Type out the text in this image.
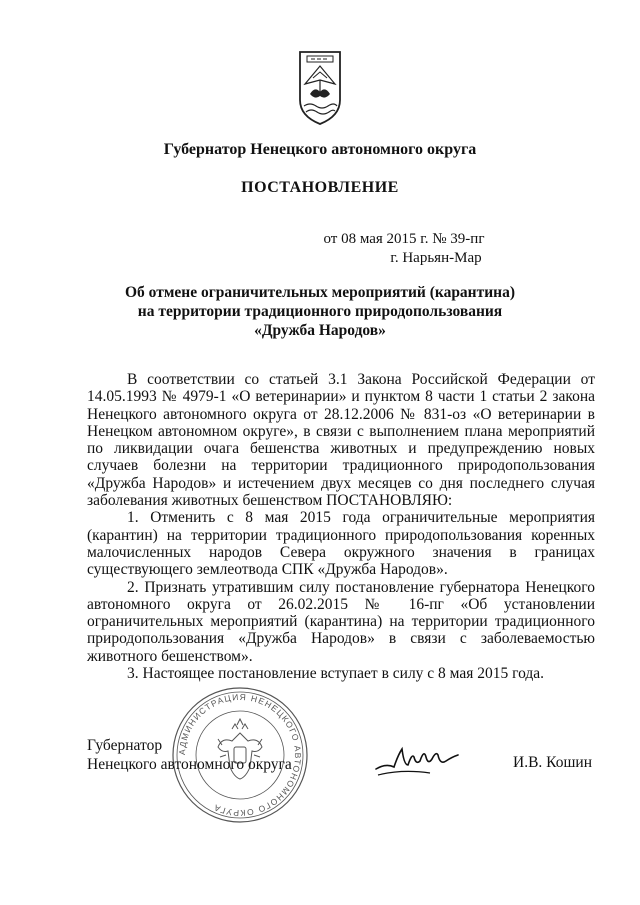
Губернатор Ненецкого автономного округа
ПОСТАНОВЛЕНИЕ
от 08 мая 2015 г. № 39-пг
г. Нарьян-Мар
Об отмене ограничительных мероприятий (карантина)
на территории традиционного природопользования
«Дружба Народов»

В соответствии со статьей 3.1 Закона Российской Федерации от 14.05.1993 № 4979-1 «О ветеринарии» и пунктом 8 части 1 статьи 2 закона Ненецкого автономного округа от 28.12.2006 № 831-оз «О ветеринарии в Ненецком автономном округе», в связи с выполнением плана мероприятий по ликвидации очага бешенства животных и предупреждению новых случаев болезни на территории традиционного природопользования «Дружба Народов» и истечением двух месяцев со дня последнего случая заболевания животных бешенством ПОСТАНОВЛЯЮ:

1. Отменить с 8 мая 2015 года ограничительные мероприятия (карантин) на территории традиционного природопользования коренных малочисленных народов Севера окружного значения в границах существующего землеотвода СПК «Дружба Народов».

2. Признать утратившим силу постановление губернатора Ненецкого автономного округа от 26.02.2015 № 16-пг «Об установлении ограничительных мероприятий (карантина) на территории традиционного природопользования «Дружба Народов» в связи с заболеваемостью животного бешенством».

3. Настоящее постановление вступает в силу с 8 мая 2015 года.

АДМИНИСТРАЦИЯ НЕНЕЦКОГО АВТОНОМНОГО ОКРУГА
Губернатор
Ненецкого автономного округа	И.В. Кошин
